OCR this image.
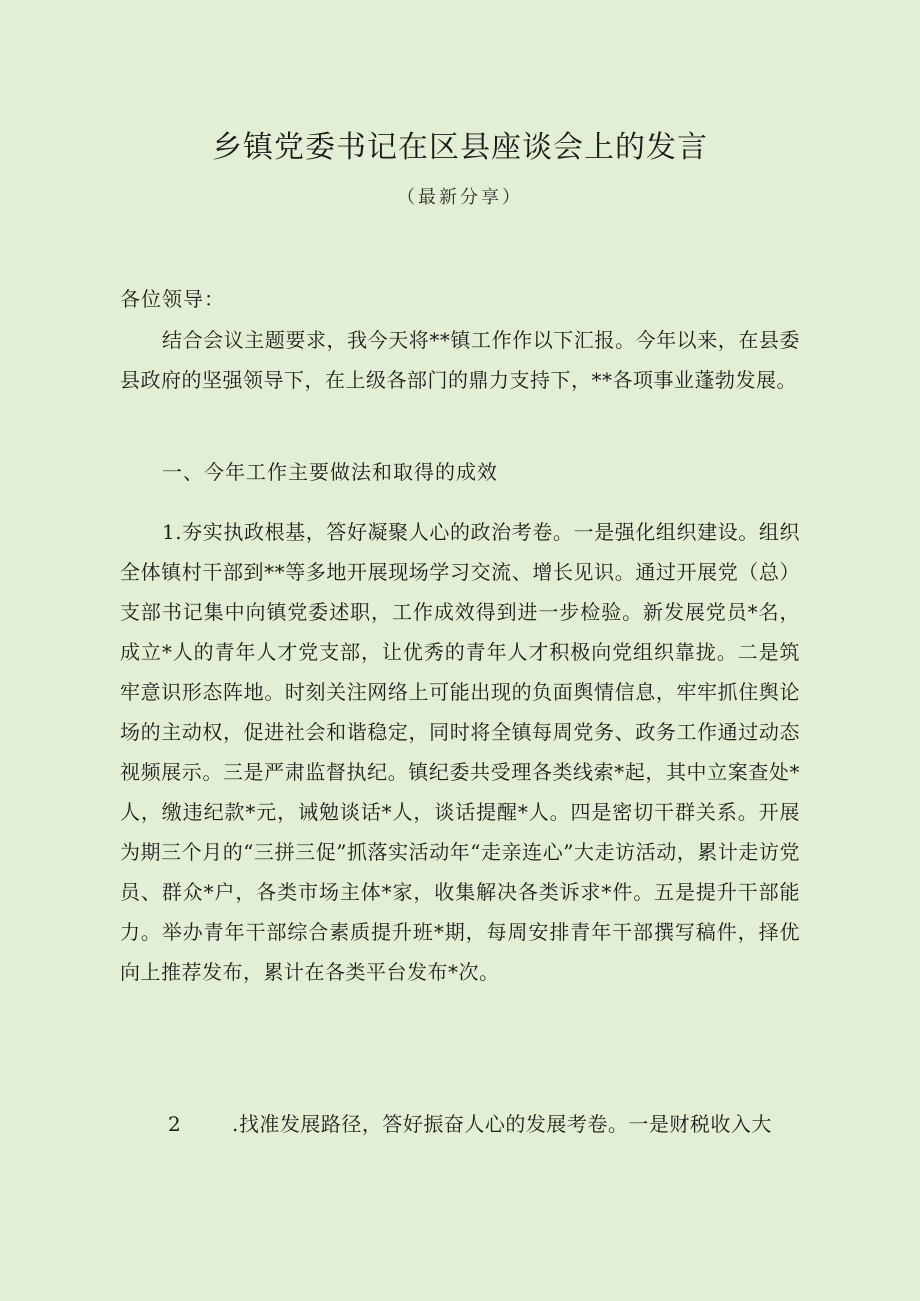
乡镇党委书记在区县座谈会上的发言
（最新分享）
各位领导：
结合会议主题要求，我今天将**镇工作作以下汇报。今年以来，在县委县政府的坚强领导下，在上级各部门的鼎力支持下，**各项事业蓬勃发展。
一、今年工作主要做法和取得的成效
1.夯实执政根基，答好凝聚人心的政治考卷。一是强化组织建设。组织全体镇村干部到**等多地开展现场学习交流、增长见识。通过开展党（总）支部书记集中向镇党委述职，工作成效得到进一步检验。新发展党员*名，成立*人的青年人才党支部，让优秀的青年人才积极向党组织靠拢。二是筑牢意识形态阵地。时刻关注网络上可能出现的负面舆情信息，牢牢抓住舆论场的主动权，促进社会和谐稳定，同时将全镇每周党务、政务工作通过动态视频展示。三是严肃监督执纪。镇纪委共受理各类线索*起，其中立案查处*人，缴违纪款*元，诫勉谈话*人，谈话提醒*人。四是密切干群关系。开展为期三个月的“三拼三促”抓落实活动年“走亲连心”大走访活动，累计走访党员、群众*户，各类市场主体*家，收集解决各类诉求*件。五是提升干部能力。举办青年干部综合素质提升班*期，每周安排青年干部撰写稿件，择优向上推荐发布，累计在各类平台发布*次。
2	.找准发展路径，答好振奋人心的发展考卷。一是财税收入大
